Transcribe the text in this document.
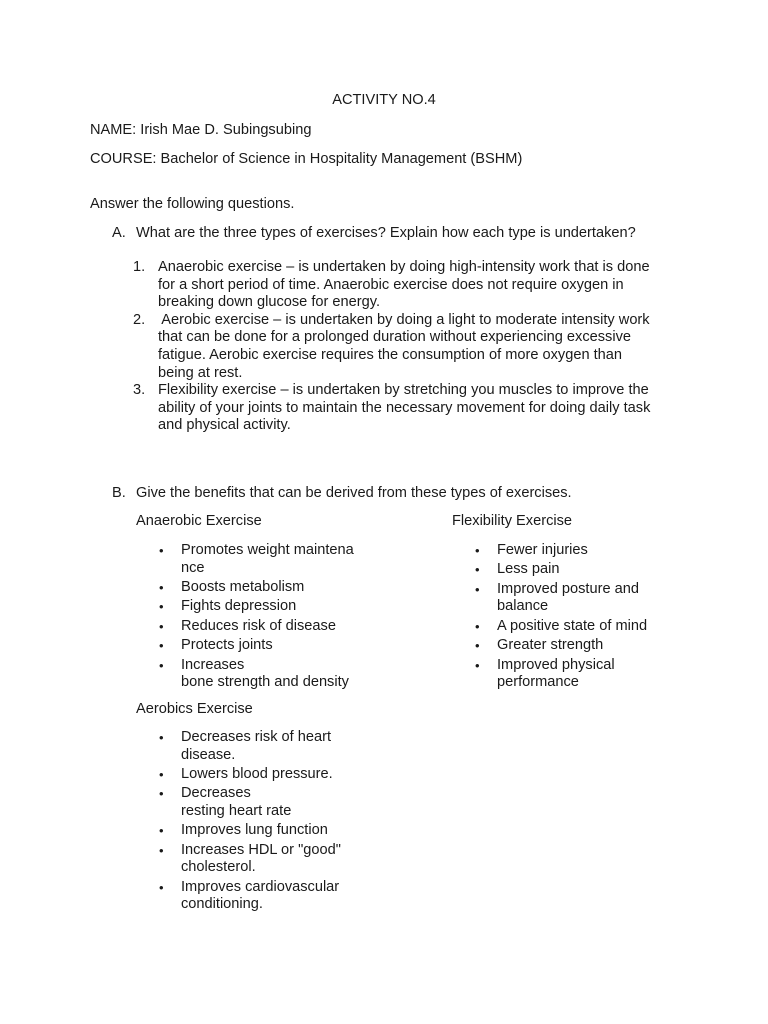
ACTIVITY NO.4
NAME: Irish Mae D. Subingsubing
COURSE: Bachelor of Science in Hospitality Management (BSHM)
Answer the following questions.
A. What are the three types of exercises? Explain how each type is undertaken?
1. Anaerobic exercise – is undertaken by doing high-intensity work that is done
for a short period of time. Anaerobic exercise does not require oxygen in
breaking down glucose for energy.
2. Aerobic exercise – is undertaken by doing a light to moderate intensity work
that can be done for a prolonged duration without experiencing excessive
fatigue. Aerobic exercise requires the consumption of more oxygen than
being at rest.
3. Flexibility exercise – is undertaken by stretching you muscles to improve the
ability of your joints to maintain the necessary movement for doing daily task
and physical activity.
B. Give the benefits that can be derived from these types of exercises.
Anaerobic Exercise
• Promotes weight maintena
nce
• Boosts metabolism
• Fights depression
• Reduces risk of disease
• Protects joints
• Increases
bone strength and density
Aerobics Exercise
• Decreases risk of heart
disease.
• Lowers blood pressure.
• Decreases
resting heart rate
• Improves lung function
• Increases HDL or "good"
cholesterol.
• Improves cardiovascular
conditioning.
Flexibility Exercise
• Fewer injuries
• Less pain
• Improved posture and
balance
• A positive state of mind
• Greater strength
• Improved physical
performance
